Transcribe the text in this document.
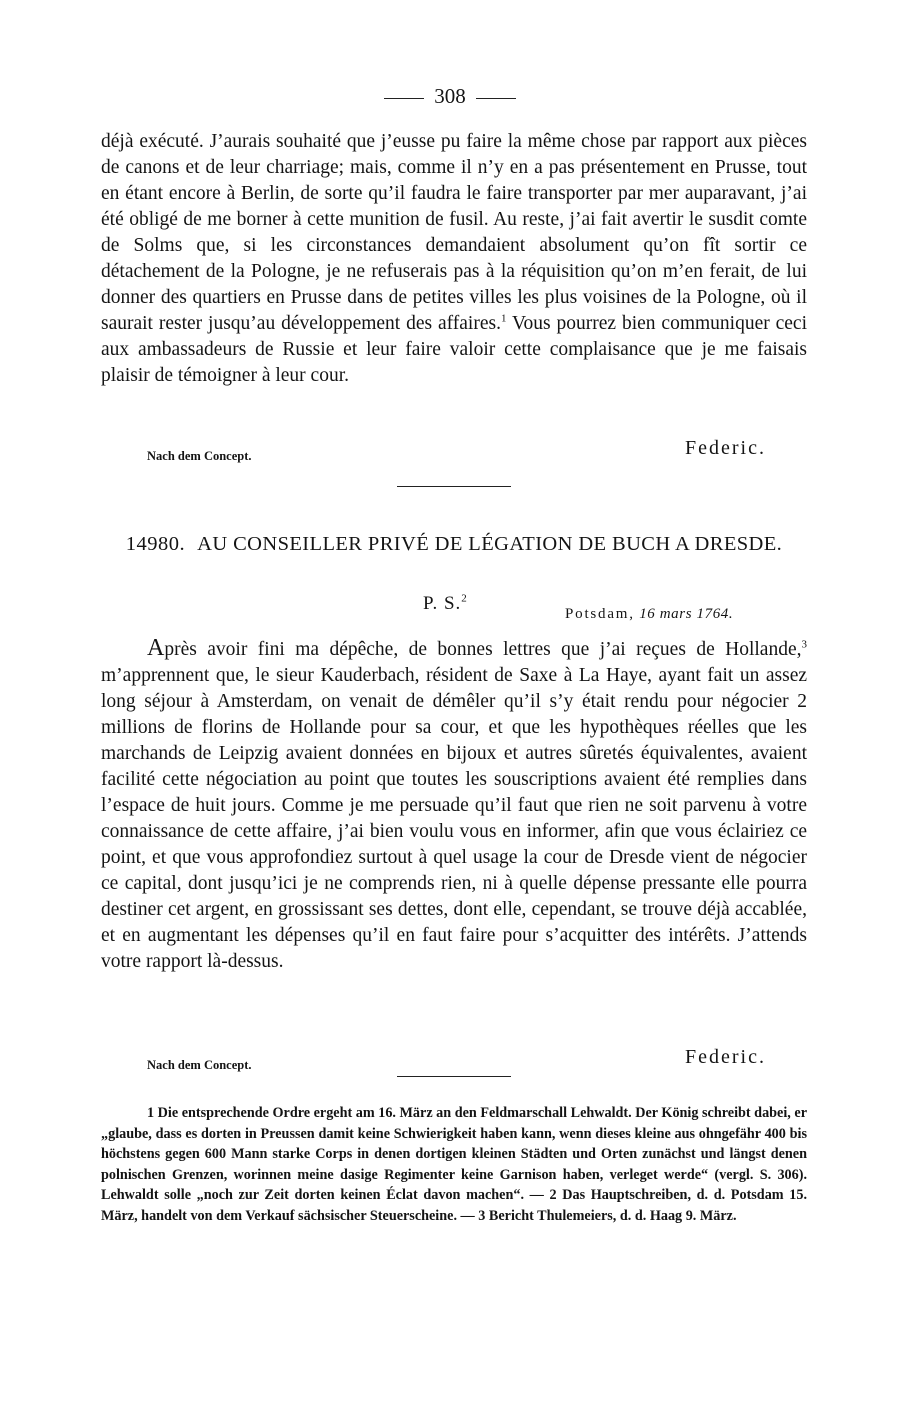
308

déjà exécuté. J’aurais souhaité que j’eusse pu faire la même chose par rapport aux pièces de canons et de leur charriage; mais, comme il n’y en a pas présentement en Prusse, tout en étant encore à Berlin, de sorte qu’il faudra le faire transporter par mer auparavant, j’ai été obligé de me borner à cette munition de fusil. Au reste, j’ai fait avertir le susdit comte de Solms que, si les circonstances demandaient absolument qu’on fît sortir ce détachement de la Pologne, je ne refuserais pas à la réquisition qu’on m’en ferait, de lui donner des quartiers en Prusse dans de petites villes les plus voisines de la Pologne, où il saurait rester jusqu’au développement des affaires.$^1$ Vous pourrez bien communiquer ceci aux ambassadeurs de Russie et leur faire valoir cette complaisance que je me faisais plaisir de témoigner à leur cour.

Nach dem Concept.	Federic.
14980. AU CONSEILLER PRIVÉ DE LÉGATION DE BUCH A DRESDE.
P. S.$^2$
Potsdam, 16 mars 1764.

Après avoir fini ma dépêche, de bonnes lettres que j’ai reçues de Hollande,$^3$ m’apprennent que, le sieur Kauderbach, résident de Saxe à La Haye, ayant fait un assez long séjour à Amsterdam, on venait de démêler qu’il s’y était rendu pour négocier 2 millions de florins de Hollande pour sa cour, et que les hypothèques réelles que les marchands de Leipzig avaient données en bijoux et autres sûretés équivalentes, avaient facilité cette négociation au point que toutes les souscriptions avaient été remplies dans l’espace de huit jours. Comme je me persuade qu’il faut que rien ne soit parvenu à votre connaissance de cette affaire, j’ai bien voulu vous en informer, afin que vous éclairiez ce point, et que vous approfondiez surtout à quel usage la cour de Dresde vient de négocier ce capital, dont jusqu’ici je ne comprends rien, ni à quelle dépense pressante elle pourra destiner cet argent, en grossissant ses dettes, dont elle, cependant, se trouve déjà accablée, et en augmentant les dépenses qu’il en faut faire pour s’acquitter des intérêts. J’attends votre rapport là-dessus.

Nach dem Concept.	Federic.

1 Die entsprechende Ordre ergeht am 16. März an den Feldmarschall Lehwaldt. Der König schreibt dabei, er „glaube, dass es dorten in Preussen damit keine Schwierigkeit haben kann, wenn dieses kleine aus ohngefähr 400 bis höchstens gegen 600 Mann starke Corps in denen dortigen kleinen Städten und Orten zunächst und längst denen polnischen Grenzen, worinnen meine dasige Regimenter keine Garnison haben, verleget werde“ (vergl. S. 306). Lehwaldt solle „noch zur Zeit dorten keinen Éclat davon machen“. — 2 Das Hauptschreiben, d. d. Potsdam 15. März, handelt von dem Verkauf sächsischer Steuerscheine. — 3 Bericht Thulemeiers, d. d. Haag 9. März.
